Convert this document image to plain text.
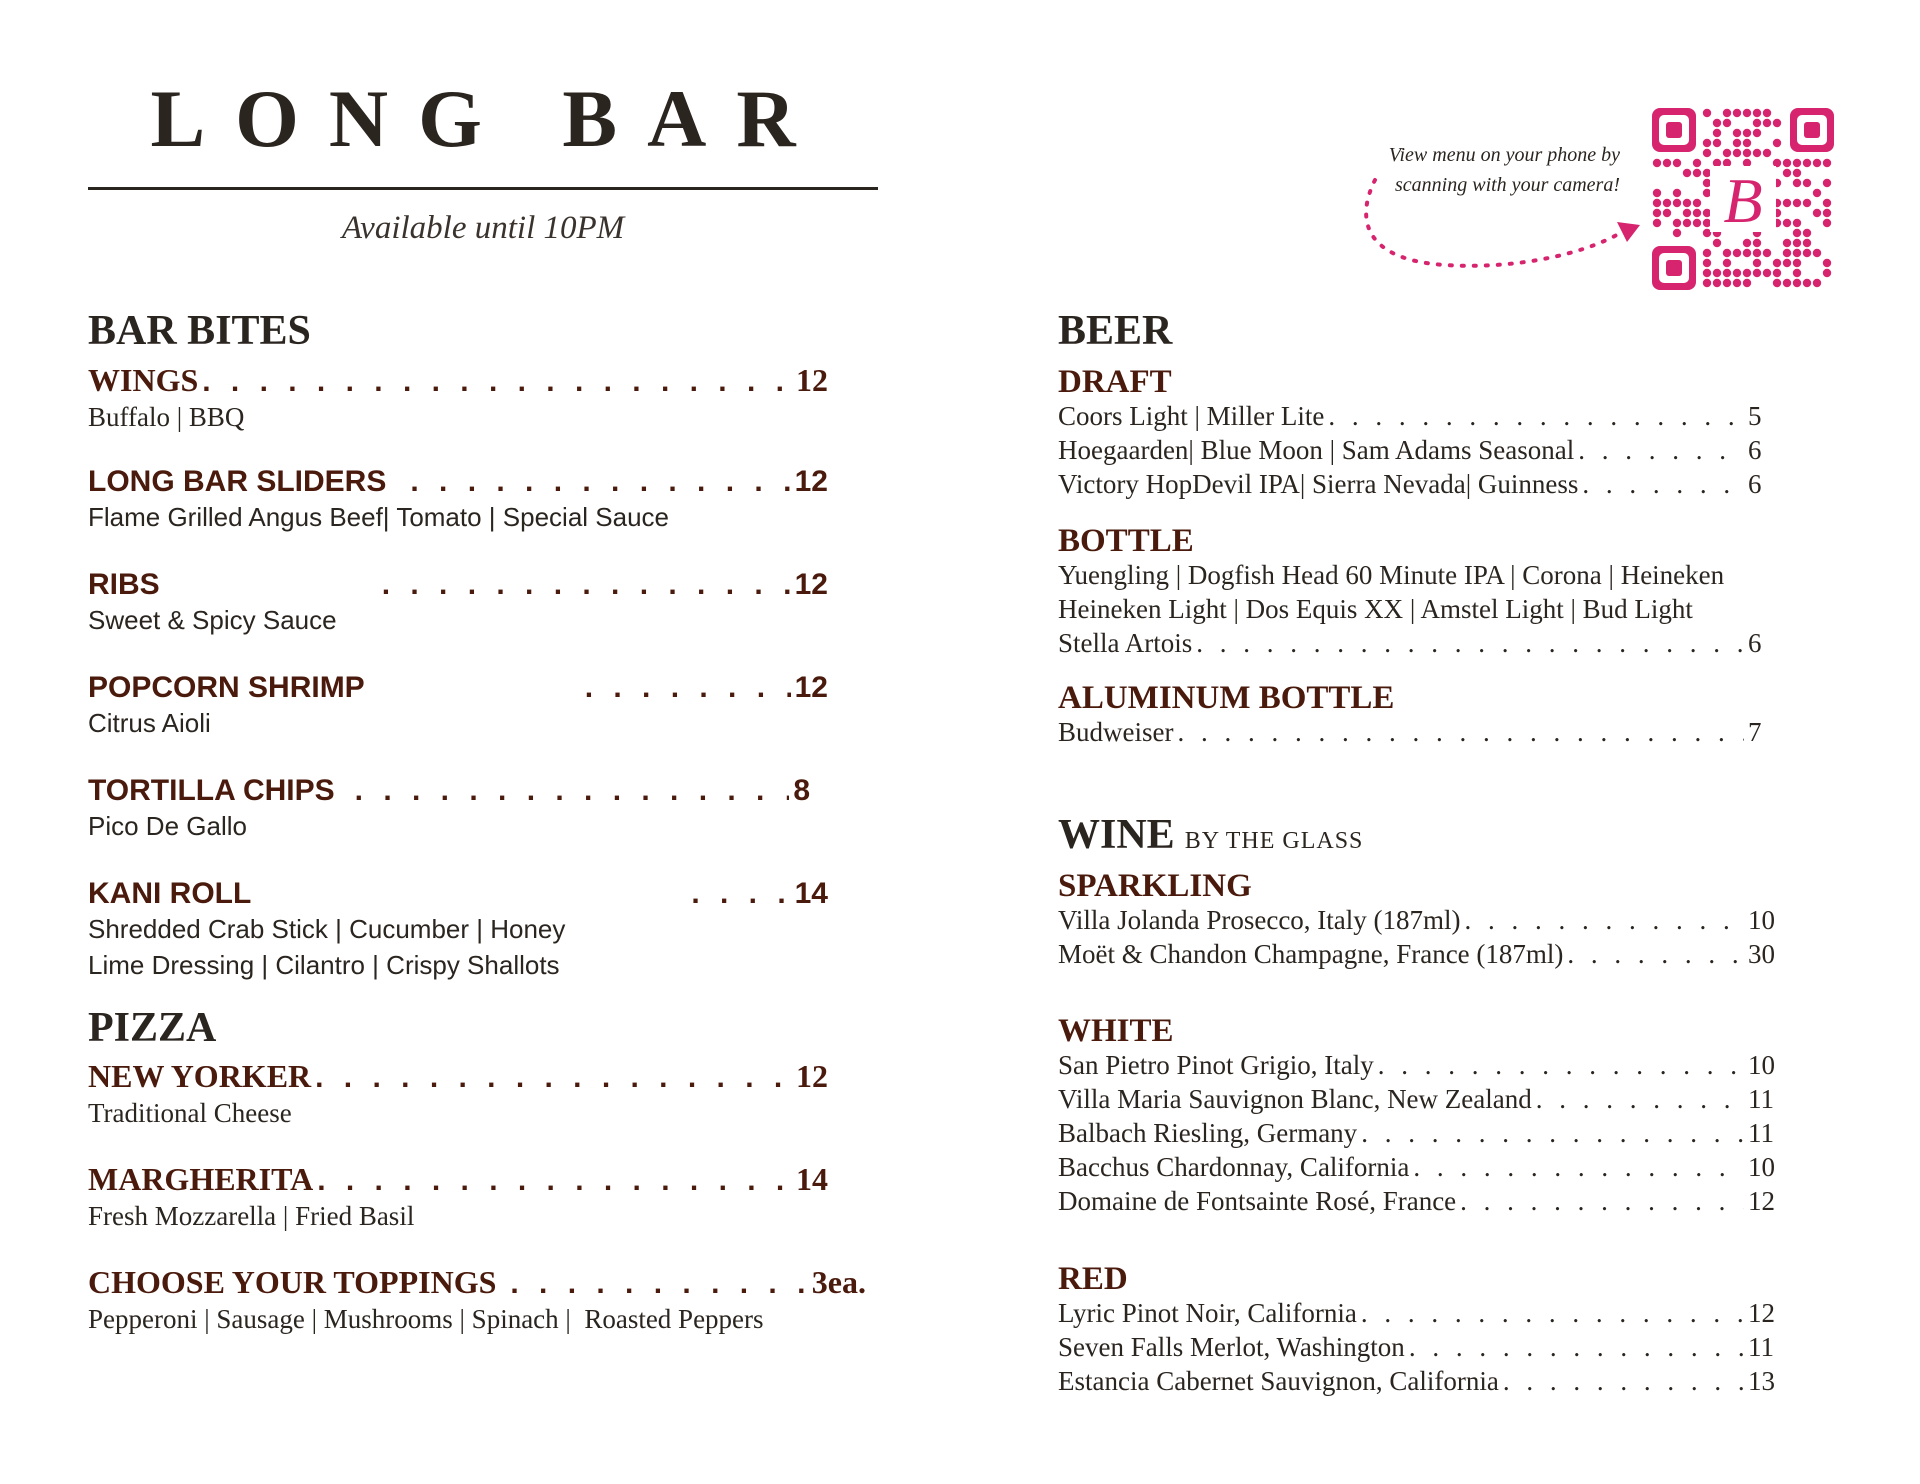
LONG BAR
Available until 10PM
View menu on your phone by
scanning with your camera! B
BAR BITES
WINGS . . .	12
Buffalo | BBQ
LONG BAR SLIDERS . . .	12
Flame Grilled Angus Beef| Tomato | Special Sauce
RIBS . . .	12
Sweet & Spicy Sauce
POPCORN SHRIMP . . .	12
Citrus Aioli
TORTILLA CHIPS . . .	8
Pico De Gallo
KANI ROLL . . .	14
Shredded Crab Stick | Cucumber | Honey
Lime Dressing | Cilantro | Crispy Shallots
PIZZA
NEW YORKER . . .	12
Traditional Cheese
MARGHERITA . . .	14
Fresh Mozzarella | Fried Basil
CHOOSE YOUR TOPPINGS . . .	3ea.
Pepperoni | Sausage | Mushrooms | Spinach |  Roasted Peppers
BEER
DRAFT
Coors Light | Miller Lite . . .	5
Hoegaarden| Blue Moon | Sam Adams Seasonal . . .	6
Victory HopDevil IPA| Sierra Nevada| Guinness . . .	6
BOTTLE
Yuengling | Dogfish Head 60 Minute IPA | Corona | Heineken
Heineken Light | Dos Equis XX | Amstel Light | Bud Light
Stella Artois . . .	6
ALUMINUM BOTTLE
Budweiser . . .	7
WINE BY THE GLASS
SPARKLING
Villa Jolanda Prosecco, Italy (187ml) . . .	10
Moët & Chandon Champagne, France (187ml) . . .	30
WHITE
San Pietro Pinot Grigio, Italy . . .	10
Villa Maria Sauvignon Blanc, New Zealand . . .	11
Balbach Riesling, Germany . . .	11
Bacchus Chardonnay, California . . .	10
Domaine de Fontsainte Rosé, France . . .	12
RED
Lyric Pinot Noir, California . . .	12
Seven Falls Merlot, Washington . . .	11
Estancia Cabernet Sauvignon, California . . .	13
